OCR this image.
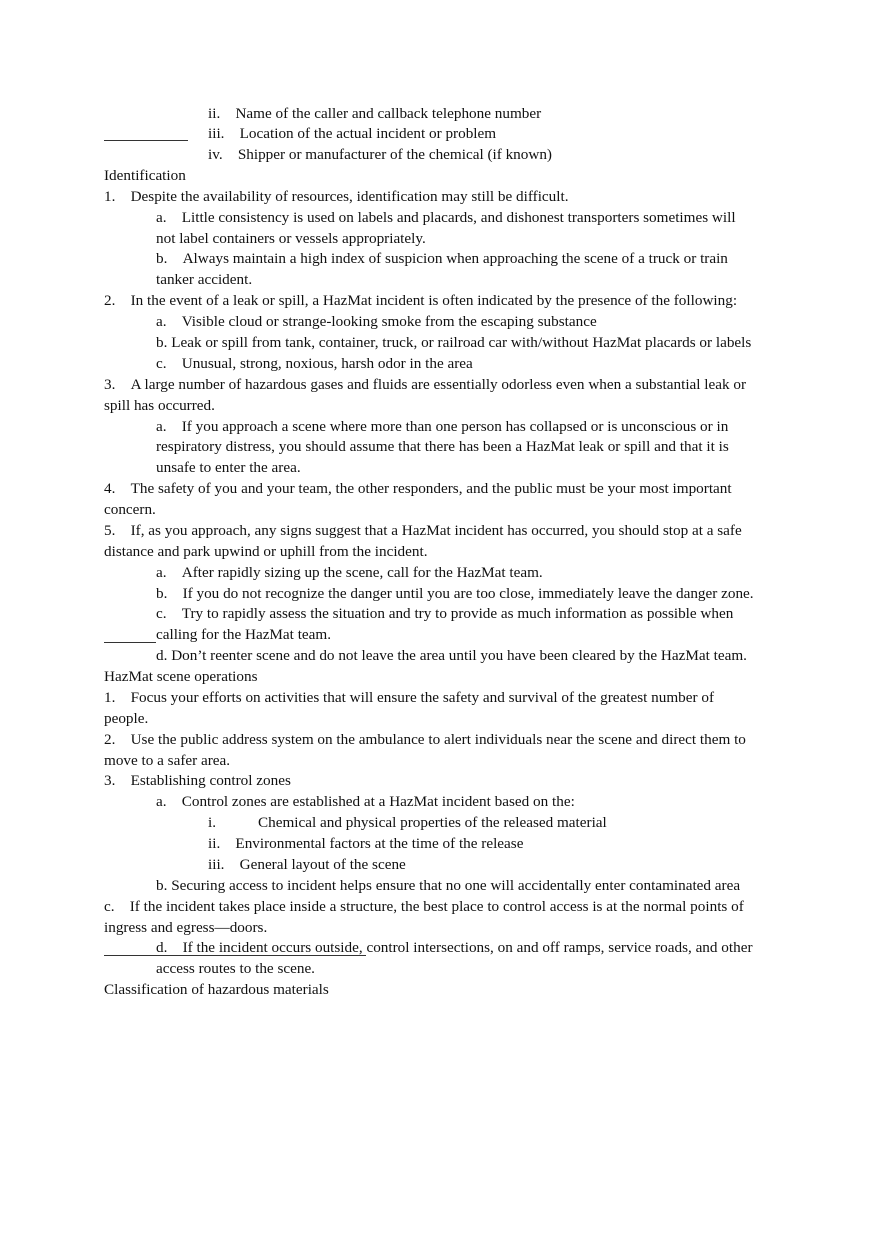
ii.  Name of the caller and callback telephone number
iii.  Location of the actual incident or problem
iv.  Shipper or manufacturer of the chemical (if known)
Identification
1. Despite the availability of resources, identification may still be difficult.
a. Little consistency is used on labels and placards, and dishonest transporters sometimes will
not label containers or vessels appropriately.
b. Always maintain a high index of suspicion when approaching the scene of a truck or train
tanker accident.
2. In the event of a leak or spill, a HazMat incident is often indicated by the presence of the following:
a. Visible cloud or strange-looking smoke from the escaping substance
b. Leak or spill from tank, container, truck, or railroad car with/without HazMat placards or labels
c. Unusual, strong, noxious, harsh odor in the area
3. A large number of hazardous gases and fluids are essentially odorless even when a substantial leak or
spill has occurred.
a. If you approach a scene where more than one person has collapsed or is unconscious or in
respiratory distress, you should assume that there has been a HazMat leak or spill and that it is
unsafe to enter the area.
4. The safety of you and your team, the other responders, and the public must be your most important
concern.
5. If, as you approach, any signs suggest that a HazMat incident has occurred, you should stop at a safe
distance and park upwind or uphill from the incident.
a. After rapidly sizing up the scene, call for the HazMat team.
b. If you do not recognize the danger until you are too close, immediately leave the danger zone.
c. Try to rapidly assess the situation and try to provide as much information as possible when
calling for the HazMat team.
d. Don’t reenter scene and do not leave the area until you have been cleared by the HazMat team.
HazMat scene operations
1. Focus your efforts on activities that will ensure the safety and survival of the greatest number of
people.
2. Use the public address system on the ambulance to alert individuals near the scene and direct them to
move to a safer area.
3. Establishing control zones
a. Control zones are established at a HazMat incident based on the:
i.	Chemical and physical properties of the released material
ii. Environmental factors at the time of the release
iii. General layout of the scene
b. Securing access to incident helps ensure that no one will accidentally enter contaminated area
c. If the incident takes place inside a structure, the best place to control access is at the normal points of
ingress and egress—doors.
d. If the incident occurs outside, control intersections, on and off ramps, service roads, and other
access routes to the scene.
Classification of hazardous materials
